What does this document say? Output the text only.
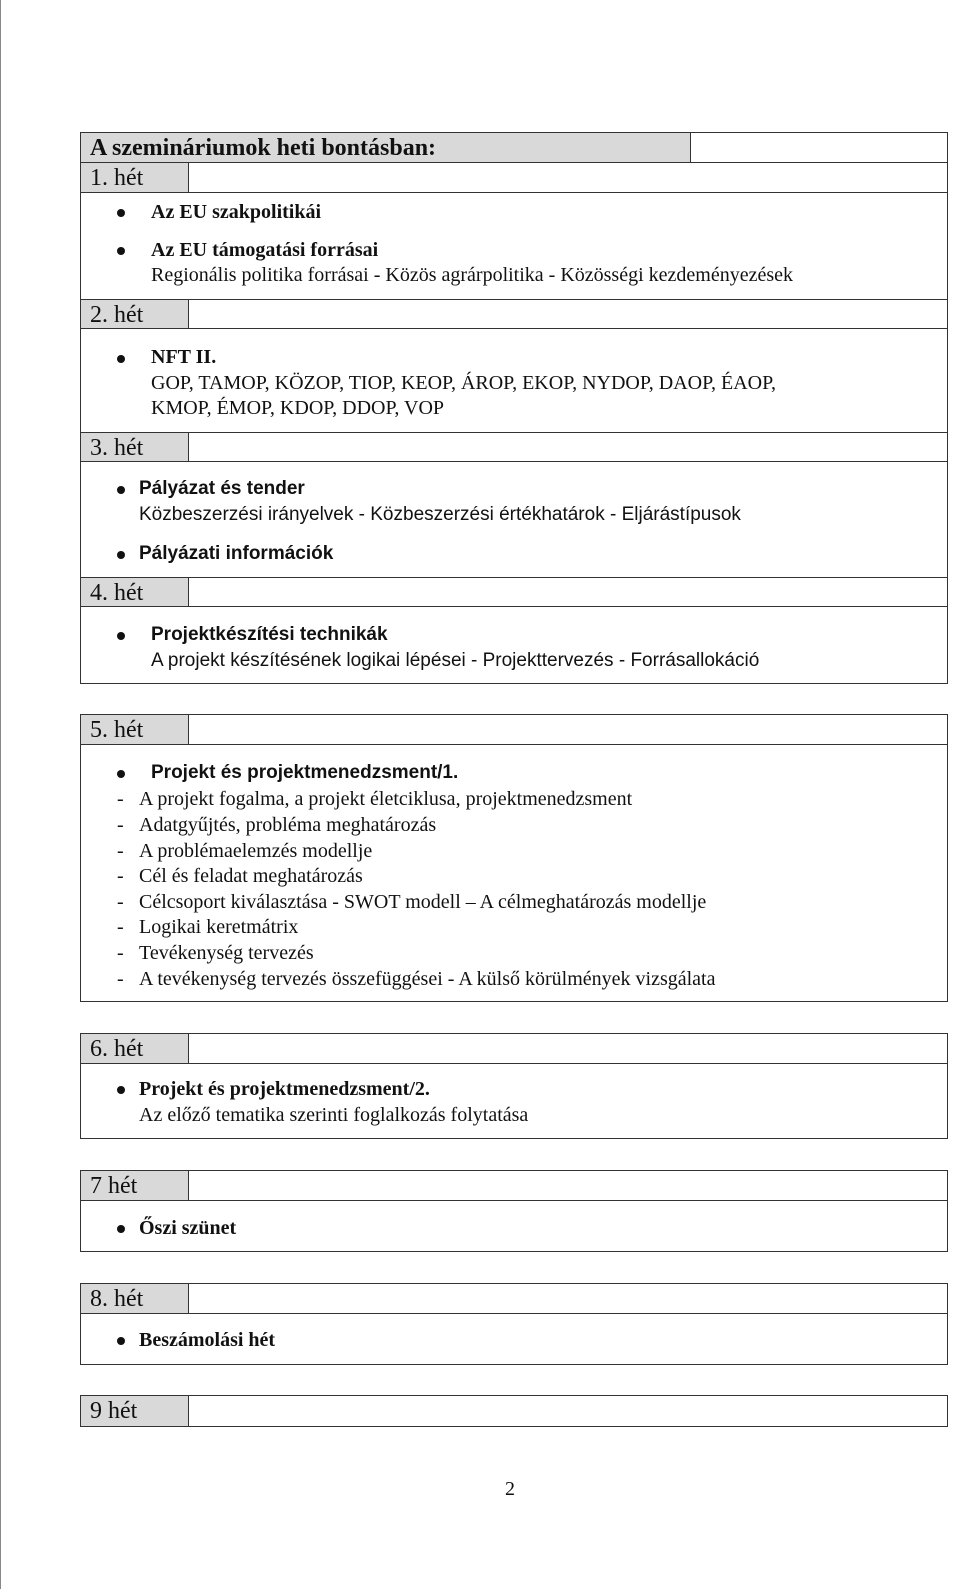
A szemináriumok heti bontásban:
1. hét
Az EU szakpolitikái
Az EU támogatási forrásai
Regionális politika forrásai - Közös agrárpolitika - Közösségi kezdeményezések
2. hét
NFT II.
GOP, TAMOP, KÖZOP, TIOP, KEOP, ÁROP, EKOP, NYDOP, DAOP, ÉAOP,
KMOP, ÉMOP, KDOP, DDOP, VOP
3. hét
Pályázat és tender
Közbeszerzési irányelvek - Közbeszerzési értékhatárok - Eljárástípusok
Pályázati információk
4. hét
Projektkészítési technikák
A projekt készítésének logikai lépései - Projekttervezés - Forrásallokáció
5. hét
Projekt és projektmenedzsment/1.
- A projekt fogalma, a projekt életciklusa, projektmenedzsment
- Adatgyűjtés, probléma meghatározás
- A problémaelemzés modellje
- Cél és feladat meghatározás
- Célcsoport kiválasztása - SWOT modell – A célmeghatározás modellje
- Logikai keretmátrix
- Tevékenység tervezés
- A tevékenység tervezés összefüggései - A külső körülmények vizsgálata
6. hét
Projekt és projektmenedzsment/2.
Az előző tematika szerinti foglalkozás folytatása
7 hét
Őszi szünet
8. hét
Beszámolási hét
9 hét
2
